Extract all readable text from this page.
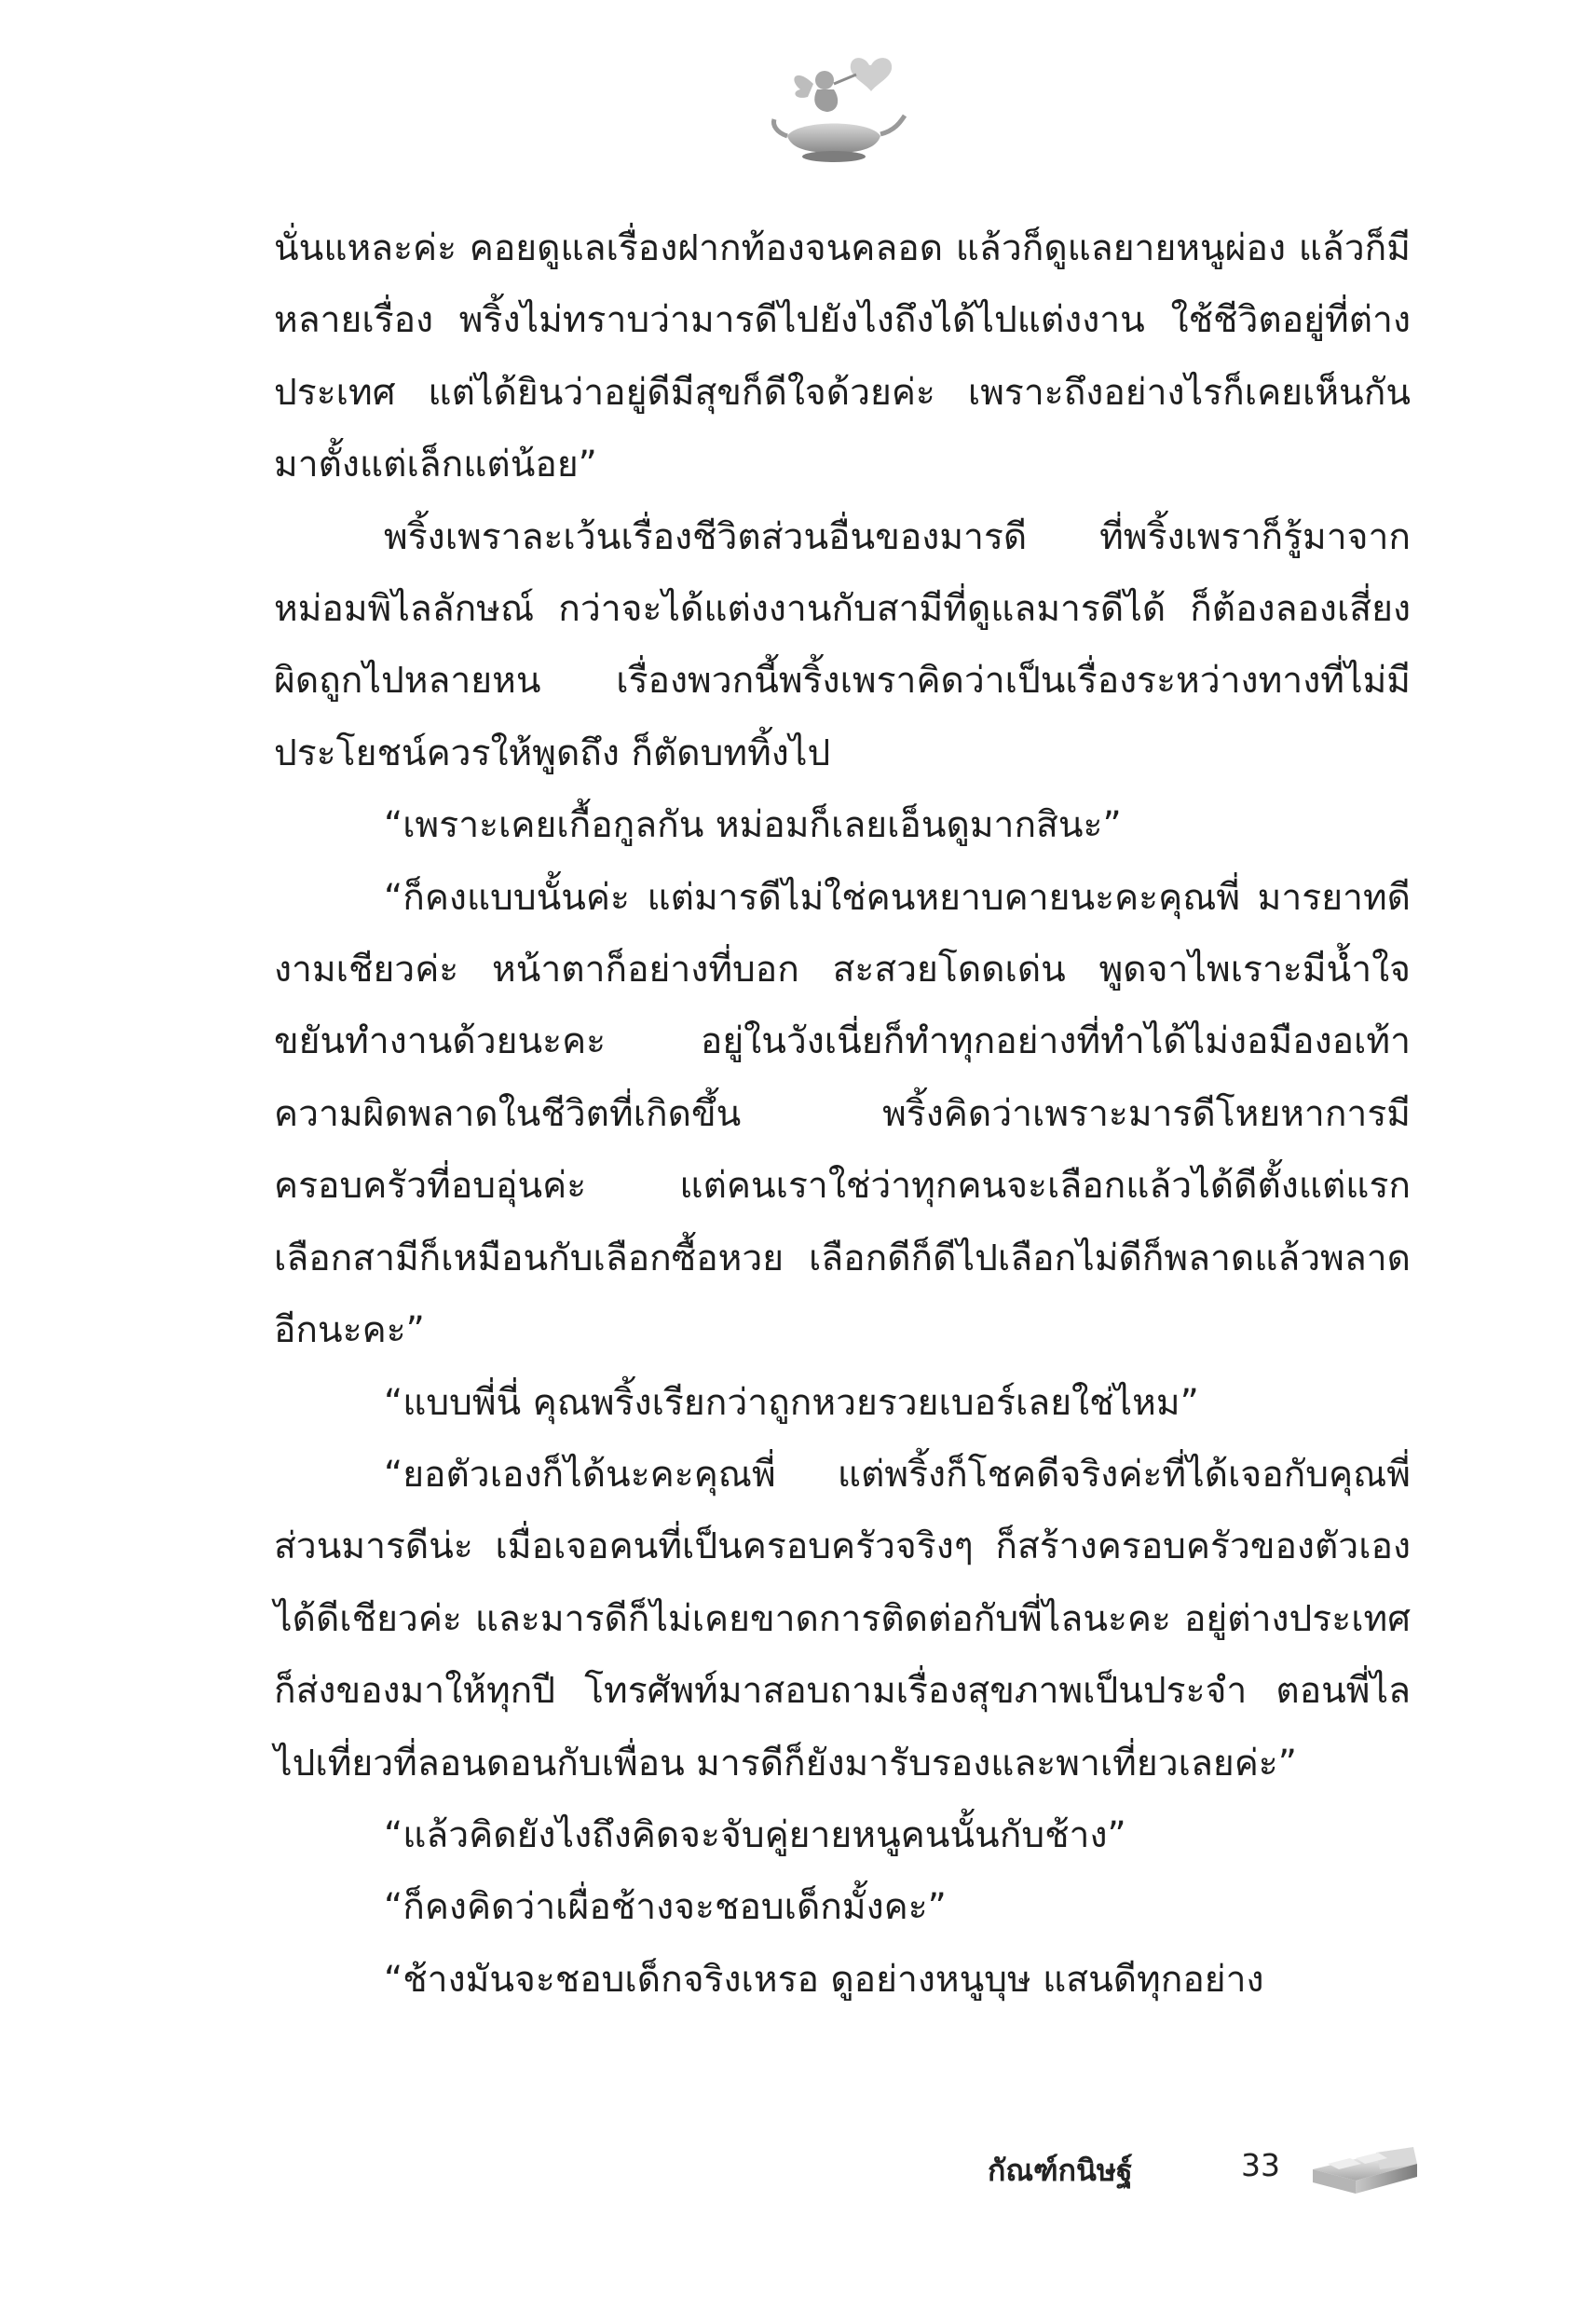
นั่นแหละค่ะ คอยดูแลเรื่องฝากท้องจนคลอด แล้วก็ดูแลยายหนูผ่อง แล้วก็มีหลายเรื่อง พริ้งไม่ทราบว่ามารดีไปยังไงถึงได้ไปแต่งงาน ใช้ชีวิตอยู่ที่ต่างประเทศ แต่ได้ยินว่าอยู่ดีมีสุขก็ดีใจด้วยค่ะ เพราะถึงอย่างไรก็เคยเห็นกันมาตั้งแต่เล็กแต่น้อย”

พริ้งเพราละเว้นเรื่องชีวิตส่วนอื่นของมารดี ที่พริ้งเพราก็รู้มาจากหม่อมพิไลลักษณ์ กว่าจะได้แต่งงานกับสามีที่ดูแลมารดีได้ ก็ต้องลองเสี่ยงผิดถูกไปหลายหน เรื่องพวกนี้พริ้งเพราคิดว่าเป็นเรื่องระหว่างทางที่ไม่มีประโยชน์ควรให้พูดถึง ก็ตัดบททิ้งไป

“เพราะเคยเกื้อกูลกัน หม่อมก็เลยเอ็นดูมากสินะ”

“ก็คงแบบนั้นค่ะ แต่มารดีไม่ใช่คนหยาบคายนะคะคุณพี่ มารยาทดีงามเชียวค่ะ หน้าตาก็อย่างที่บอก สะสวยโดดเด่น พูดจาไพเราะมีน้ำใจ ขยันทำงานด้วยนะคะ อยู่ในวังเนี่ยก็ทำทุกอย่างที่ทำได้ไม่งอมืองอเท้า ความผิดพลาดในชีวิตที่เกิดขึ้น พริ้งคิดว่าเพราะมารดีโหยหาการมีครอบครัวที่อบอุ่นค่ะ แต่คนเราใช่ว่าทุกคนจะเลือกแล้วได้ดีตั้งแต่แรก เลือกสามีก็เหมือนกับเลือกซื้อหวย เลือกดีก็ดีไปเลือกไม่ดีก็พลาดแล้วพลาดอีกนะคะ”

“แบบพี่นี่ คุณพริ้งเรียกว่าถูกหวยรวยเบอร์เลยใช่ไหม”

“ยอตัวเองก็ได้นะคะคุณพี่ แต่พริ้งก็โชคดีจริงค่ะที่ได้เจอกับคุณพี่ ส่วนมารดีน่ะ เมื่อเจอคนที่เป็นครอบครัวจริงๆ ก็สร้างครอบครัวของตัวเองได้ดีเชียวค่ะ และมารดีก็ไม่เคยขาดการติดต่อกับพี่ไลนะคะ อยู่ต่างประเทศก็ส่งของมาให้ทุกปี โทรศัพท์มาสอบถามเรื่องสุขภาพเป็นประจำ ตอนพี่ไลไปเที่ยวที่ลอนดอนกับเพื่อน มารดีก็ยังมารับรองและพาเที่ยวเลยค่ะ”

“แล้วคิดยังไงถึงคิดจะจับคู่ยายหนูคนนั้นกับช้าง”

“ก็คงคิดว่าเผื่อช้างจะชอบเด็กมั้งคะ”

“ช้างมันจะชอบเด็กจริงเหรอ ดูอย่างหนูบุษ แสนดีทุกอย่าง

กัณฑ์กนิษฐ์	33
